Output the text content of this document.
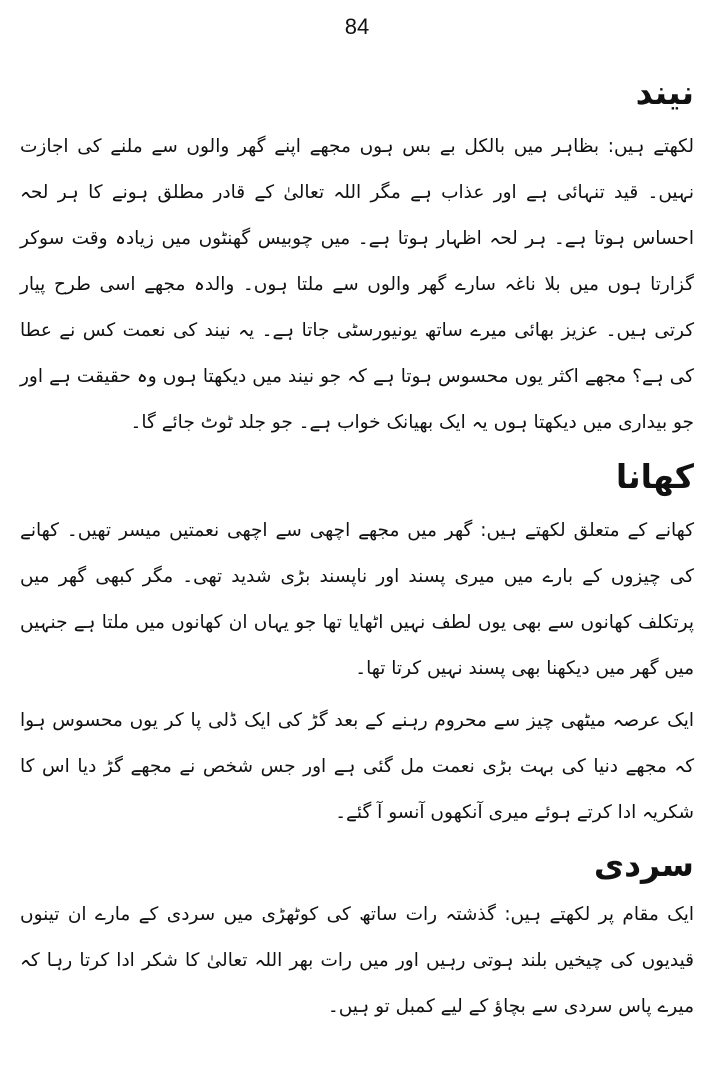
84
نیند

لکھتے ہیں: بظاہر میں بالکل بے بس ہوں مجھے اپنے گھر والوں سے ملنے کی اجازت نہیں۔ قید تنہائی ہے اور عذاب ہے مگر اللہ تعالیٰ کے قادر مطلق ہونے کا ہر لحہ احساس ہوتا ہے۔ ہر لحہ اظہار ہوتا ہے۔ میں چوبیس گھنٹوں میں زیادہ وقت سوکر گزارتا ہوں میں بلا ناغہ سارے گھر والوں سے ملتا ہوں۔ والدہ مجھے اسی طرح پیار کرتی ہیں۔ عزیز بھائی میرے ساتھ یونیورسٹی جاتا ہے۔ یہ نیند کی نعمت کس نے عطا کی ہے؟ مجھے اکثر یوں محسوس ہوتا ہے کہ جو نیند میں دیکھتا ہوں وہ حقیقت ہے اور جو بیداری میں دیکھتا ہوں یہ ایک بھیانک خواب ہے۔ جو جلد ٹوٹ جائے گا۔

کھانا

کھانے کے متعلق لکھتے ہیں: گھر میں مجھے اچھی سے اچھی نعمتیں میسر تھیں۔ کھانے کی چیزوں کے بارے میں میری پسند اور ناپسند بڑی شدید تھی۔ مگر کبھی گھر میں پرتکلف کھانوں سے بھی یوں لطف نہیں اٹھایا تھا جو یہاں ان کھانوں میں ملتا ہے جنہیں میں گھر میں دیکھنا بھی پسند نہیں کرتا تھا۔

ایک عرصہ میٹھی چیز سے محروم رہنے کے بعد گڑ کی ایک ڈلی پا کر یوں محسوس ہوا کہ مجھے دنیا کی بہت بڑی نعمت مل گئی ہے اور جس شخص نے مجھے گڑ دیا اس کا شکریہ ادا کرتے ہوئے میری آنکھوں آنسو آ گئے۔

سردی

ایک مقام پر لکھتے ہیں: گذشتہ رات ساتھ کی کوٹھڑی میں سردی کے مارے ان تینوں قیدیوں کی چیخیں بلند ہوتی رہیں اور میں رات بھر اللہ تعالیٰ کا شکر ادا کرتا رہا کہ میرے پاس سردی سے بچاؤ کے لیے کمبل تو ہیں۔
